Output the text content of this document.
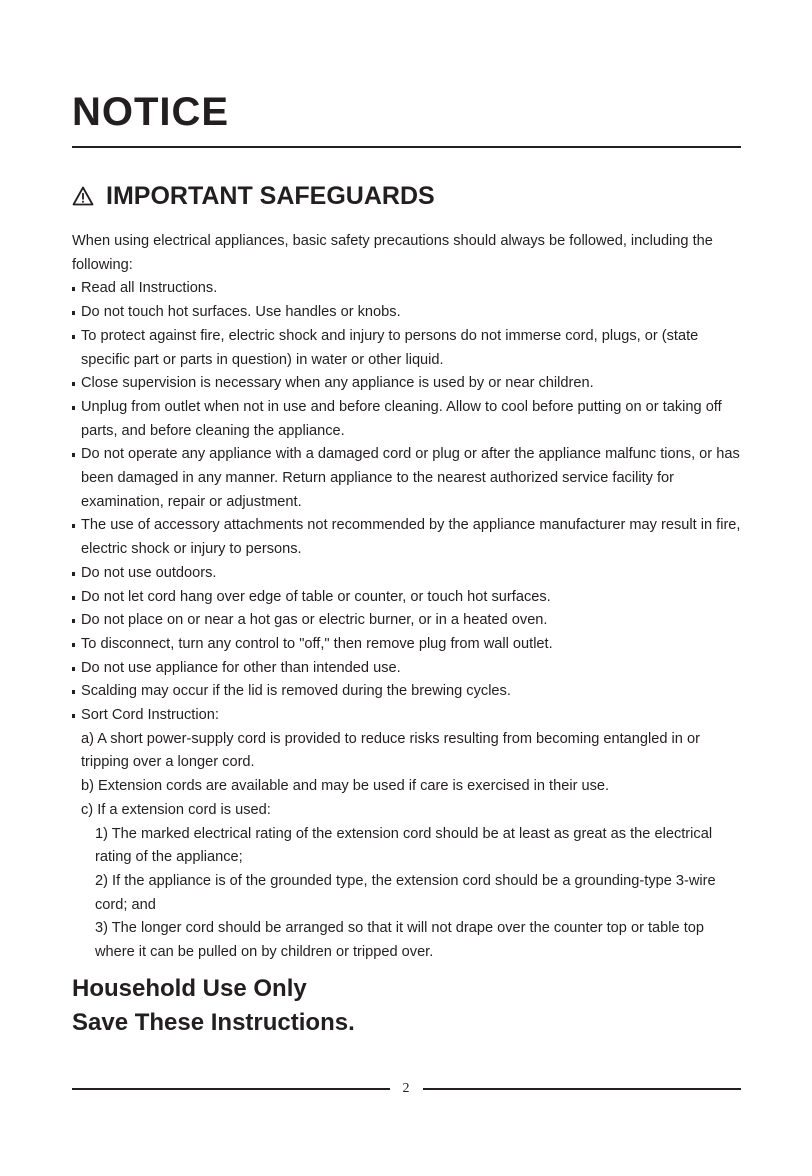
NOTICE
IMPORTANT SAFEGUARDS

When using electrical appliances, basic safety precautions should always be followed, including the following:

Read all Instructions.
Do not touch hot surfaces. Use handles or knobs.
To protect against fire, electric shock and injury to persons do not immerse cord, plugs, or (state specific part or parts in question) in water or other liquid.
Close supervision is necessary when any appliance is used by or near children.
Unplug from outlet when not in use and before cleaning. Allow to cool before putting on or taking off parts, and before cleaning the appliance.
Do not operate any appliance with a damaged cord or plug or after the appliance malfunc tions, or has been damaged in any manner. Return appliance to the nearest authorized service facility for examination, repair or adjustment.
The use of accessory attachments not recommended by the appliance manufacturer may result in fire, electric shock or injury to persons.
Do not use outdoors.
Do not let cord hang over edge of table or counter, or touch hot surfaces.
Do not place on or near a hot gas or electric burner, or in a heated oven.
To disconnect, turn any control to "off," then remove plug from wall outlet.
Do not use appliance for other than intended use.
Scalding may occur if the lid is removed during the brewing cycles.
Sort Cord Instruction:

a) A short power-supply cord is provided to reduce risks resulting from becoming entangled in or tripping over a longer cord.

b) Extension cords are available and may be used if care is exercised in their use.

c) If a extension cord is used:

1) The marked electrical rating of the extension cord should be at least as great as the electrical rating of the appliance;

2) If the appliance is of the grounded type, the extension cord should be a grounding-type 3-wire cord; and

3) The longer cord should be arranged so that it will not drape over the counter top or table top where it can be pulled on by children or tripped over.

Household Use Only
Save These Instructions.
2
